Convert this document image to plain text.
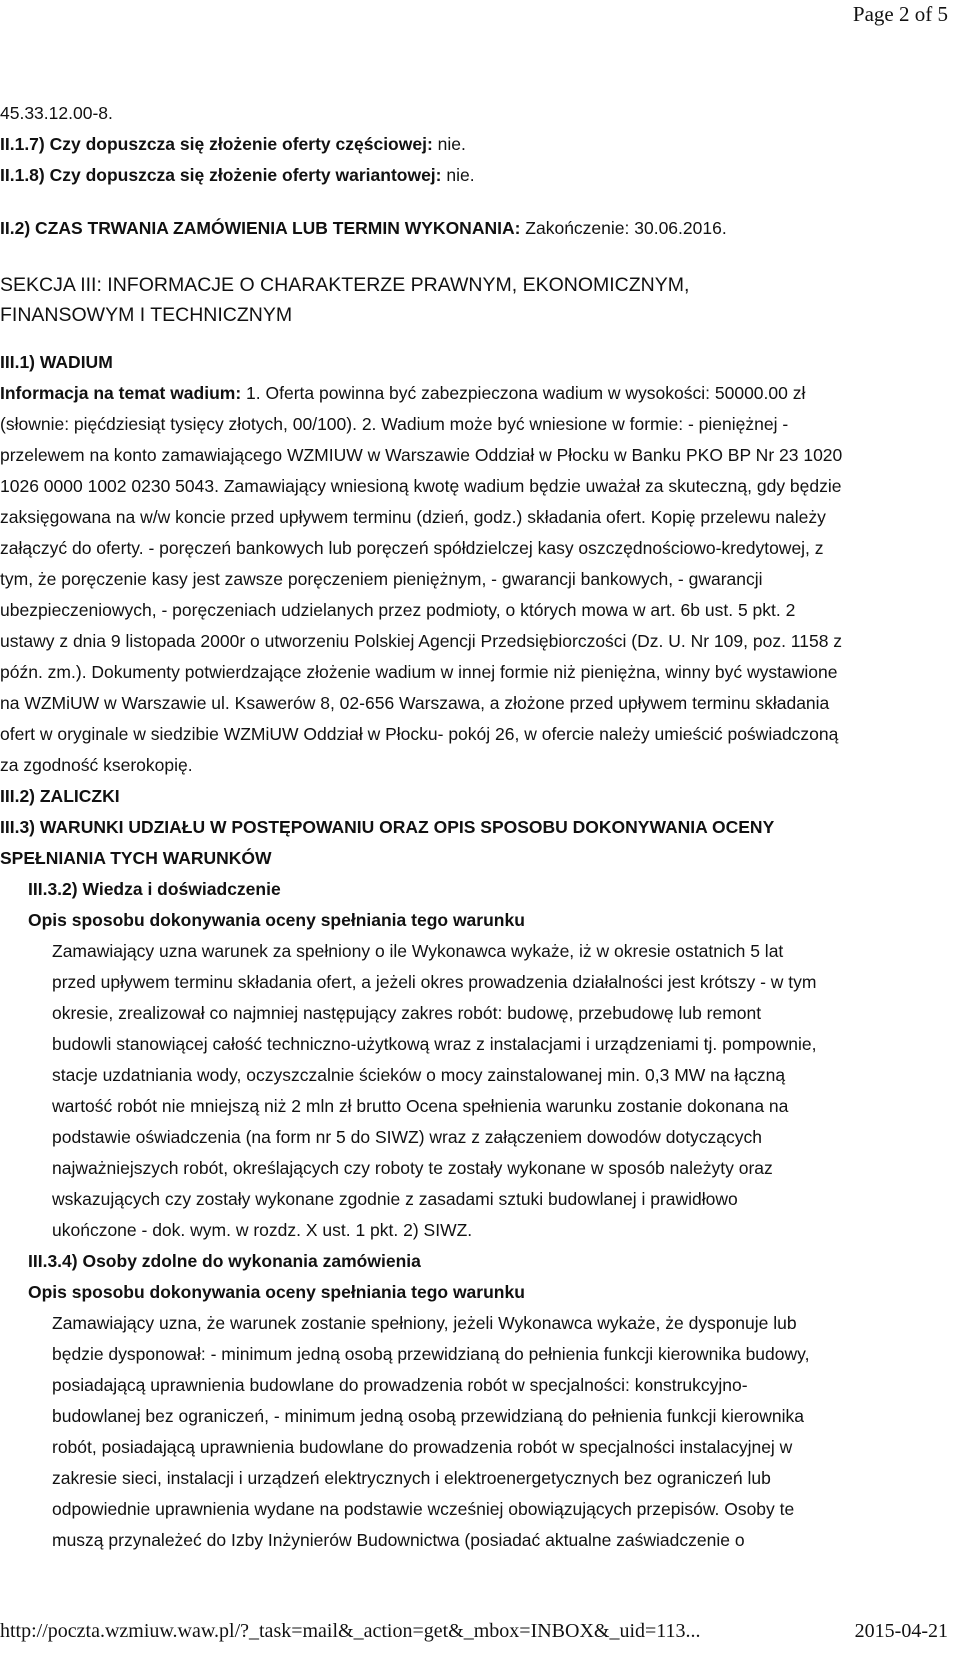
Page 2 of 5
45.33.12.00-8.
II.1.7) Czy dopuszcza się złożenie oferty częściowej: nie.
II.1.8) Czy dopuszcza się złożenie oferty wariantowej: nie.
II.2) CZAS TRWANIA ZAMÓWIENIA LUB TERMIN WYKONANIA: Zakończenie: 30.06.2016.
SEKCJA III: INFORMACJE O CHARAKTERZE PRAWNYM, EKONOMICZNYM,
FINANSOWYM I TECHNICZNYM
III.1) WADIUM
Informacja na temat wadium: 1. Oferta powinna być zabezpieczona wadium w wysokości: 50000.00 zł
(słownie: pięćdziesiąt tysięcy złotych, 00/100). 2. Wadium może być wniesione w formie: - pieniężnej -
przelewem na konto zamawiającego WZMIUW w Warszawie Oddział w Płocku w Banku PKO BP Nr 23 1020
1026 0000 1002 0230 5043. Zamawiający wniesioną kwotę wadium będzie uważał za skuteczną, gdy będzie
zaksięgowana na w/w koncie przed upływem terminu (dzień, godz.) składania ofert. Kopię przelewu należy
załączyć do oferty. - poręczeń bankowych lub poręczeń spółdzielczej kasy oszczędnościowo-kredytowej, z
tym, że poręczenie kasy jest zawsze poręczeniem pieniężnym, - gwarancji bankowych, - gwarancji
ubezpieczeniowych, - poręczeniach udzielanych przez podmioty, o których mowa w art. 6b ust. 5 pkt. 2
ustawy z dnia 9 listopada 2000r o utworzeniu Polskiej Agencji Przedsiębiorczości (Dz. U. Nr 109, poz. 1158 z
późn. zm.). Dokumenty potwierdzające złożenie wadium w innej formie niż pieniężna, winny być wystawione
na WZMiUW w Warszawie ul. Ksawerów 8, 02-656 Warszawa, a złożone przed upływem terminu składania
ofert w oryginale w siedzibie WZMiUW Oddział w Płocku- pokój 26, w ofercie należy umieścić poświadczoną
za zgodność kserokopię.
III.2) ZALICZKI
III.3) WARUNKI UDZIAŁU W POSTĘPOWANIU ORAZ OPIS SPOSOBU DOKONYWANIA OCENY
SPEŁNIANIA TYCH WARUNKÓW
III.3.2) Wiedza i doświadczenie
Opis sposobu dokonywania oceny spełniania tego warunku
Zamawiający uzna warunek za spełniony o ile Wykonawca wykaże, iż w okresie ostatnich 5 lat
przed upływem terminu składania ofert, a jeżeli okres prowadzenia działalności jest krótszy - w tym
okresie, zrealizował co najmniej następujący zakres robót: budowę, przebudowę lub remont
budowli stanowiącej całość techniczno-użytkową wraz z instalacjami i urządzeniami tj. pompownie,
stacje uzdatniania wody, oczyszczalnie ścieków o mocy zainstalowanej min. 0,3 MW na łączną
wartość robót nie mniejszą niż 2 mln zł brutto Ocena spełnienia warunku zostanie dokonana na
podstawie oświadczenia (na form nr 5 do SIWZ) wraz z załączeniem dowodów dotyczących
najważniejszych robót, określających czy roboty te zostały wykonane w sposób należyty oraz
wskazujących czy zostały wykonane zgodnie z zasadami sztuki budowlanej i prawidłowo
ukończone - dok. wym. w rozdz. X ust. 1 pkt. 2) SIWZ.
III.3.4) Osoby zdolne do wykonania zamówienia
Opis sposobu dokonywania oceny spełniania tego warunku
Zamawiający uzna, że warunek zostanie spełniony, jeżeli Wykonawca wykaże, że dysponuje lub
będzie dysponował: - minimum jedną osobą przewidzianą do pełnienia funkcji kierownika budowy,
posiadającą uprawnienia budowlane do prowadzenia robót w specjalności: konstrukcyjno-
budowlanej bez ograniczeń, - minimum jedną osobą przewidzianą do pełnienia funkcji kierownika
robót, posiadającą uprawnienia budowlane do prowadzenia robót w specjalności instalacyjnej w
zakresie sieci, instalacji i urządzeń elektrycznych i elektroenergetycznych bez ograniczeń lub
odpowiednie uprawnienia wydane na podstawie wcześniej obowiązujących przepisów. Osoby te
muszą przynależeć do Izby Inżynierów Budownictwa (posiadać aktualne zaświadczenie o
http://poczta.wzmiuw.waw.pl/?_task=mail&_action=get&_mbox=INBOX&_uid=113...	2015-04-21
